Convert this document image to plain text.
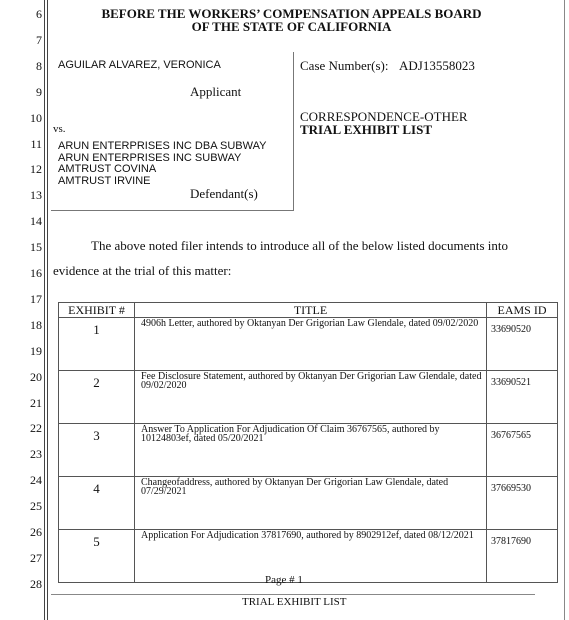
6
7
8
9
10
11
12
13
14
15
16
17
18
19
20
21
22
23
24
25
26
27
28
BEFORE THE WORKERS’ COMPENSATION APPEALS BOARD
OF THE STATE OF CALIFORNIA
AGUILAR ALVAREZ, VERONICA
Applicant
vs.
ARUN ENTERPRISES INC DBA SUBWAY
ARUN ENTERPRISES INC SUBWAY
AMTRUST COVINA
AMTRUST IRVINE
Defendant(s)
Case Number(s): ADJ13558023
CORRESPONDENCE-OTHER
TRIAL EXHIBIT LIST
The above noted filer intends to introduce all of the below listed documents into
evidence at the trial of this matter:
EXHIBIT #	TITLE	EAMS ID

1	4906h Letter, authored by Oktanyan Der Grigorian Law Glendale, dated 09/02/2020	33690520

2	Fee Disclosure Statement, authored by Oktanyan Der Grigorian Law Glendale, dated 09/02/2020	33690521

3	Answer To Application For Adjudication Of Claim 36767565, authored by 10124803ef, dated 05/20/2021	36767565

4	Changeofaddress, authored by Oktanyan Der Grigorian Law Glendale, dated 07/29/2021	37669530

5	Application For Adjudication 37817690, authored by 8902912ef, dated 08/12/2021	37817690
Page # 1
TRIAL EXHIBIT LIST
